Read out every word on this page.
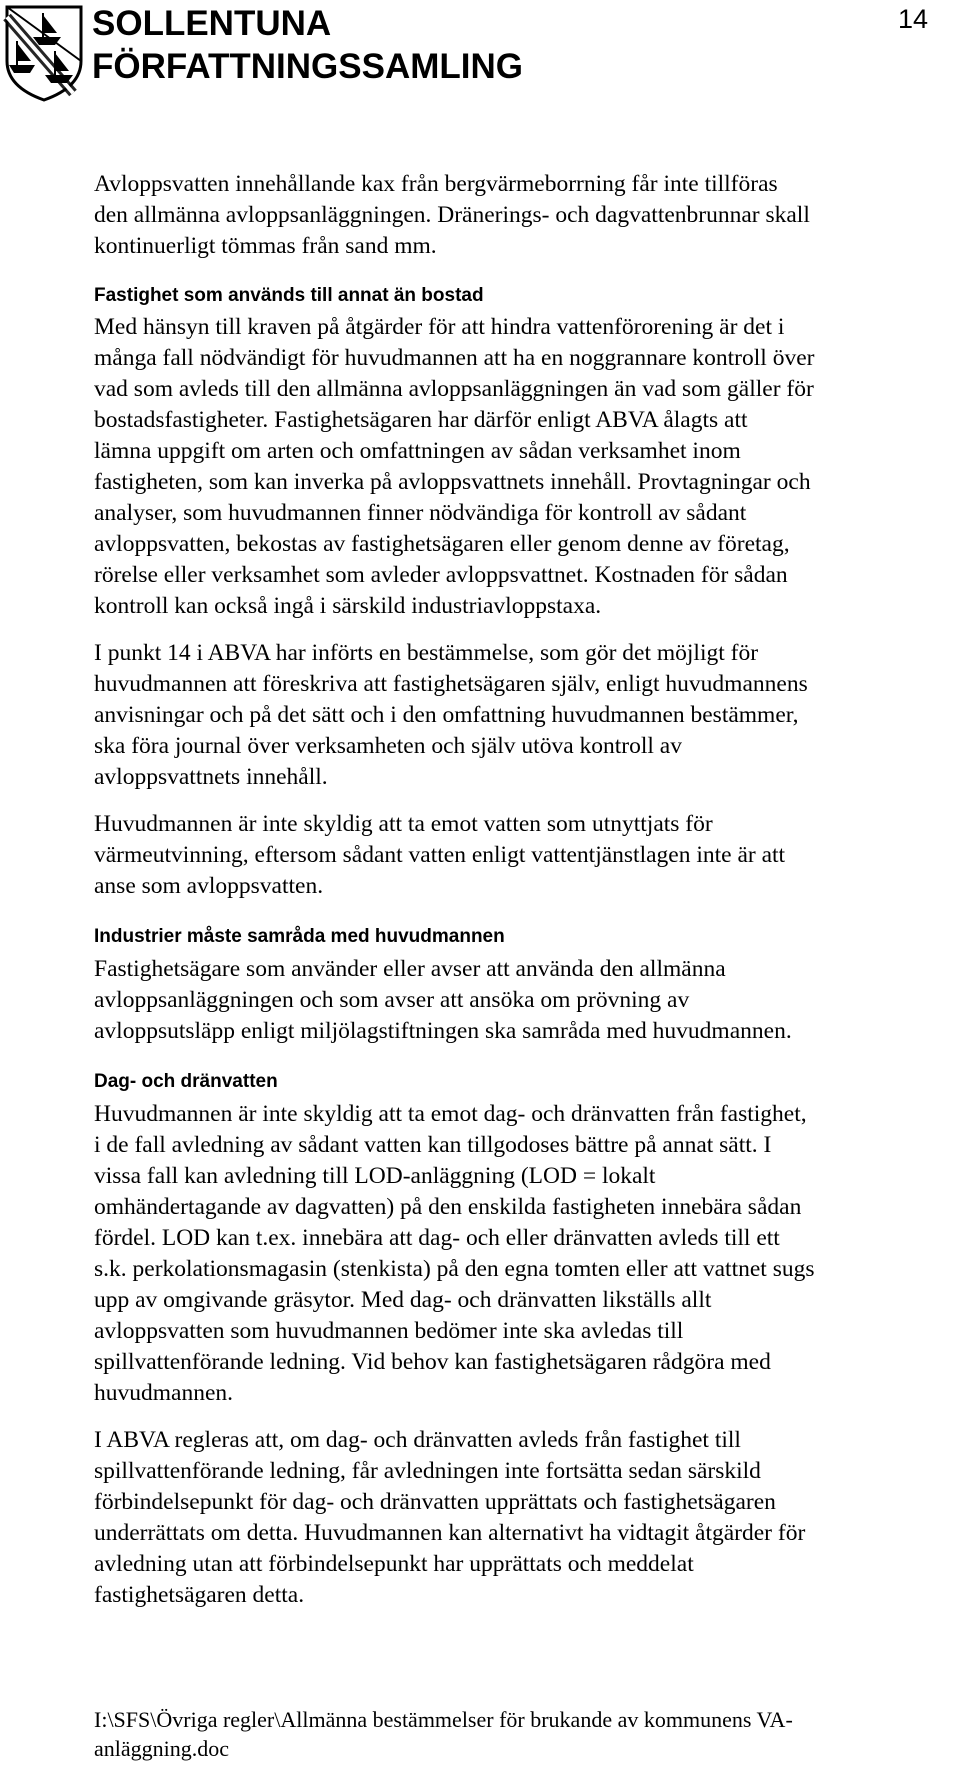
SOLLENTUNA
FÖRFATTNINGSSAMLING
14

Avloppsvatten innehållande kax från bergvärmeborrning får inte tillföras
den allmänna avloppsanläggningen. Dränerings- och dagvattenbrunnar skall
kontinuerligt tömmas från sand mm.

Fastighet som används till annat än bostad

Med hänsyn till kraven på åtgärder för att hindra vattenförorening är det i
många fall nödvändigt för huvudmannen att ha en noggrannare kontroll över
vad som avleds till den allmänna avloppsanläggningen än vad som gäller för
bostadsfastigheter. Fastighetsägaren har därför enligt ABVA ålagts att
lämna uppgift om arten och omfattningen av sådan verksamhet inom
fastigheten, som kan inverka på avloppsvattnets innehåll. Provtagningar och
analyser, som huvudmannen finner nödvändiga för kontroll av sådant
avloppsvatten, bekostas av fastighetsägaren eller genom denne av företag,
rörelse eller verksamhet som avleder avloppsvattnet. Kostnaden för sådan
kontroll kan också ingå i särskild industriavloppstaxa.

I punkt 14 i ABVA har införts en bestämmelse, som gör det möjligt för
huvudmannen att föreskriva att fastighetsägaren själv, enligt huvudmannens
anvisningar och på det sätt och i den omfattning huvudmannen bestämmer,
ska föra journal över verksamheten och själv utöva kontroll av
avloppsvattnets innehåll.

Huvudmannen är inte skyldig att ta emot vatten som utnyttjats för
värmeutvinning, eftersom sådant vatten enligt vattentjänstlagen inte är att
anse som avloppsvatten.

Industrier måste samråda med huvudmannen

Fastighetsägare som använder eller avser att använda den allmänna
avloppsanläggningen och som avser att ansöka om prövning av
avloppsutsläpp enligt miljölagstiftningen ska samråda med huvudmannen.

Dag- och dränvatten

Huvudmannen är inte skyldig att ta emot dag- och dränvatten från fastighet,
i de fall avledning av sådant vatten kan tillgodoses bättre på annat sätt. I
vissa fall kan avledning till LOD-anläggning (LOD = lokalt
omhändertagande av dagvatten) på den enskilda fastigheten innebära sådan
fördel. LOD kan t.ex. innebära att dag- och eller dränvatten avleds till ett
s.k. perkolationsmagasin (stenkista) på den egna tomten eller att vattnet sugs
upp av omgivande gräsytor. Med dag- och dränvatten likställs allt
avloppsvatten som huvudmannen bedömer inte ska avledas till
spillvattenförande ledning. Vid behov kan fastighetsägaren rådgöra med
huvudmannen.

I ABVA regleras att, om dag- och dränvatten avleds från fastighet till
spillvattenförande ledning, får avledningen inte fortsätta sedan särskild
förbindelsepunkt för dag- och dränvatten upprättats och fastighetsägaren
underrättats om detta. Huvudmannen kan alternativt ha vidtagit åtgärder för
avledning utan att förbindelsepunkt har upprättats och meddelat
fastighetsägaren detta.

I:\SFS\Övriga regler\Allmänna bestämmelser för brukande av kommunens VA-
anläggning.doc
